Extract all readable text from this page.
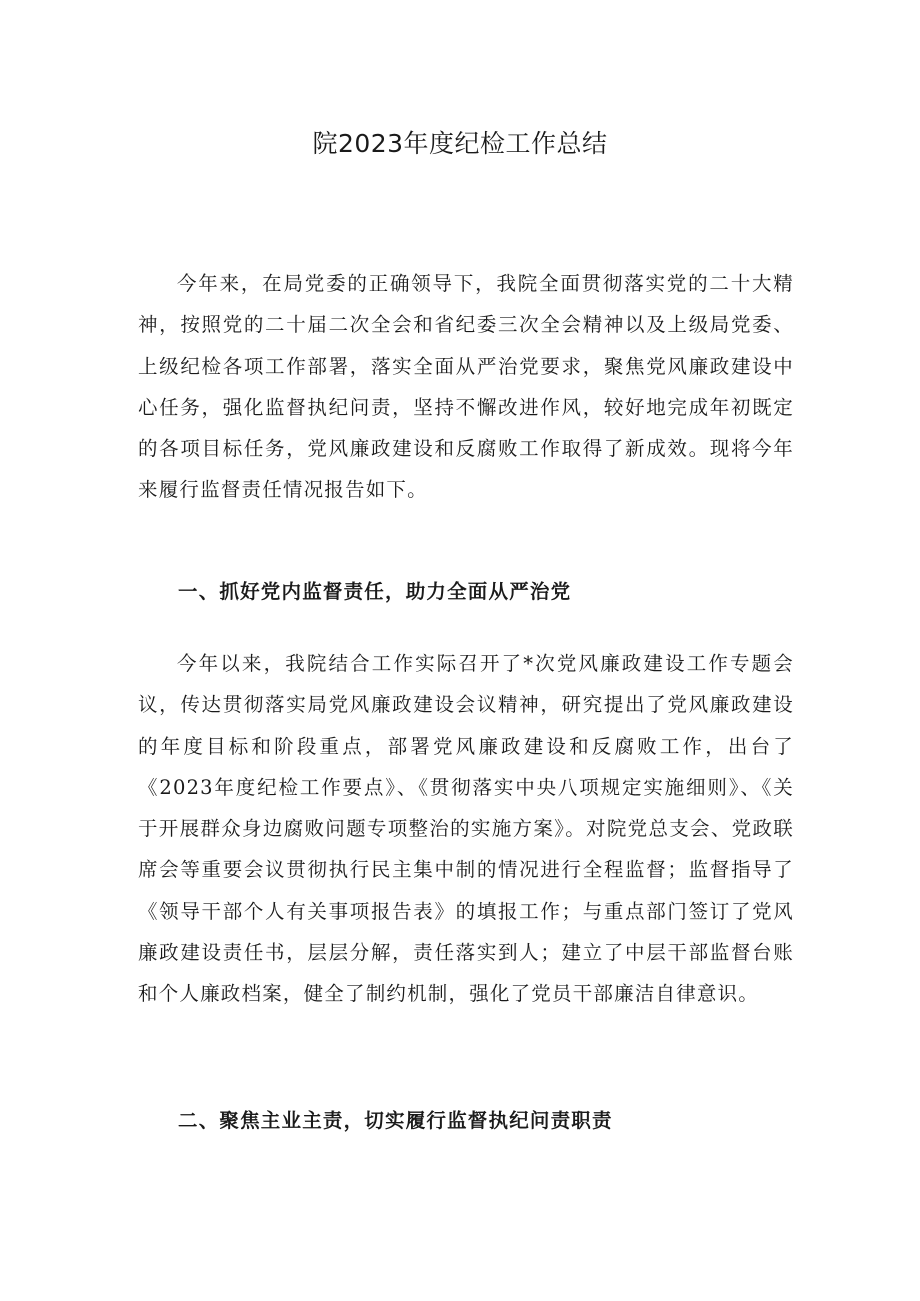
院2023年度纪检工作总结

今年来，在局党委的正确领导下，我院全面贯彻落实党的二十大精神，按照党的二十届二次全会和省纪委三次全会精神以及上级局党委、上级纪检各项工作部署，落实全面从严治党要求，聚焦党风廉政建设中心任务，强化监督执纪问责，坚持不懈改进作风，较好地完成年初既定的各项目标任务，党风廉政建设和反腐败工作取得了新成效。现将今年来履行监督责任情况报告如下。

一、抓好党内监督责任，助力全面从严治党

今年以来，我院结合工作实际召开了*次党风廉政建设工作专题会议，传达贯彻落实局党风廉政建设会议精神，研究提出了党风廉政建设的年度目标和阶段重点，部署党风廉政建设和反腐败工作，出台了《2023年度纪检工作要点》、《贯彻落实中央八项规定实施细则》、《关于开展群众身边腐败问题专项整治的实施方案》。对院党总支会、党政联席会等重要会议贯彻执行民主集中制的情况进行全程监督；监督指导了《领导干部个人有关事项报告表》的填报工作；与重点部门签订了党风廉政建设责任书，层层分解，责任落实到人；建立了中层干部监督台账和个人廉政档案，健全了制约机制，强化了党员干部廉洁自律意识。

二、聚焦主业主责，切实履行监督执纪问责职责
